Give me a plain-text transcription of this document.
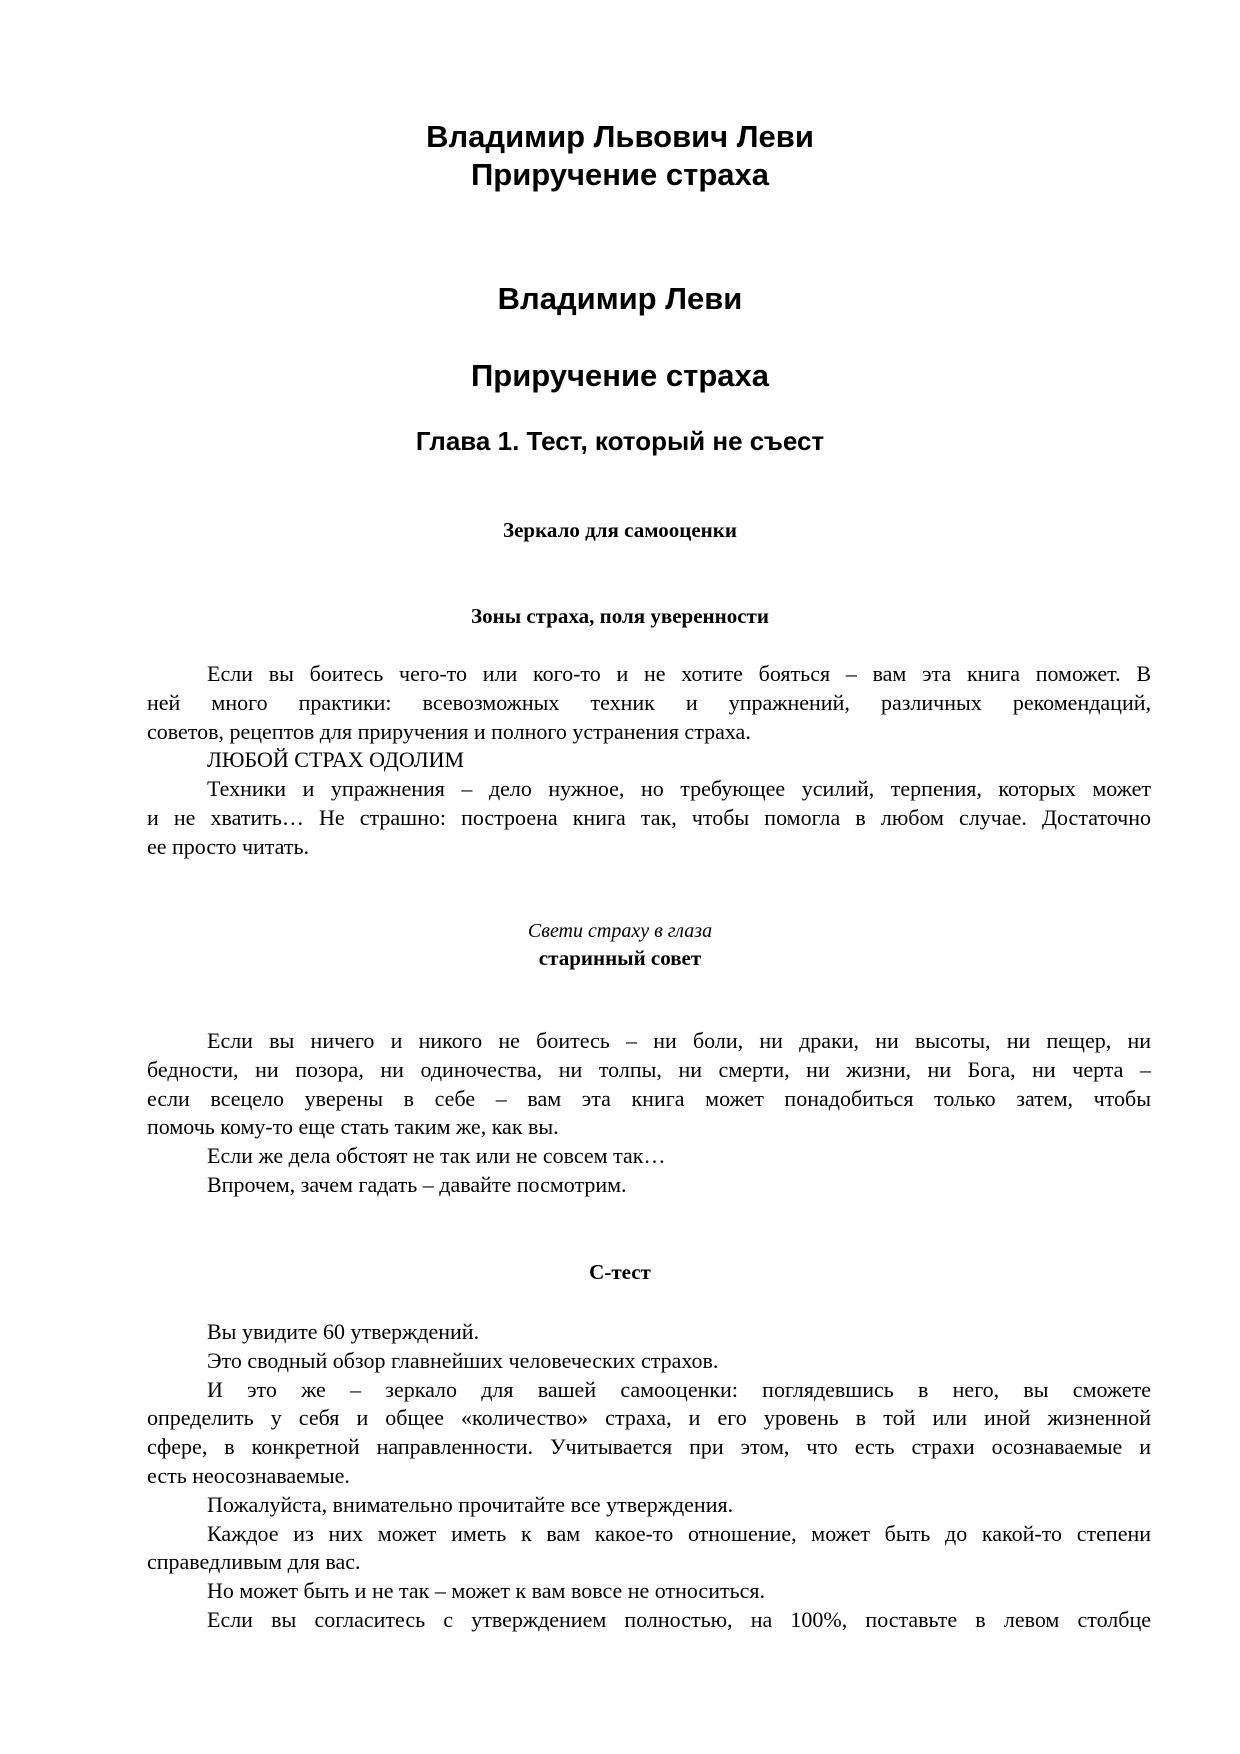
Владимир Львович Леви
Приручение страха
Владимир Леви
Приручение страха
Глава 1. Тест, который не съест
Зеркало для самооценки
Зоны страха, поля уверенности
Если вы боитесь чего-то или кого-то и не хотите бояться – вам эта книга поможет. В
ней много практики: всевозможных техник и упражнений, различных рекомендаций,
советов, рецептов для приручения и полного устранения страха.
ЛЮБОЙ СТРАХ ОДОЛИМ
Техники и упражнения – дело нужное, но требующее усилий, терпения, которых может
и не хватить… Не страшно: построена книга так, чтобы помогла в любом случае. Достаточно
ее просто читать.
Свети страху в глаза
старинный совет
Если вы ничего и никого не боитесь – ни боли, ни драки, ни высоты, ни пещер, ни
бедности, ни позора, ни одиночества, ни толпы, ни смерти, ни жизни, ни Бога, ни черта –
если всецело уверены в себе – вам эта книга может понадобиться только затем, чтобы
помочь кому-то еще стать таким же, как вы.
Если же дела обстоят не так или не совсем так…
Впрочем, зачем гадать – давайте посмотрим.
С-тест
Вы увидите 60 утверждений.
Это сводный обзор главнейших человеческих страхов.
И это же – зеркало для вашей самооценки: поглядевшись в него, вы сможете
определить у себя и общее «количество» страха, и его уровень в той или иной жизненной
сфере, в конкретной направленности. Учитывается при этом, что есть страхи осознаваемые и
есть неосознаваемые.
Пожалуйста, внимательно прочитайте все утверждения.
Каждое из них может иметь к вам какое-то отношение, может быть до какой-то степени
справедливым для вас.
Но может быть и не так – может к вам вовсе не относиться.
Если вы согласитесь с утверждением полностью, на 100%, поставьте в левом столбце
